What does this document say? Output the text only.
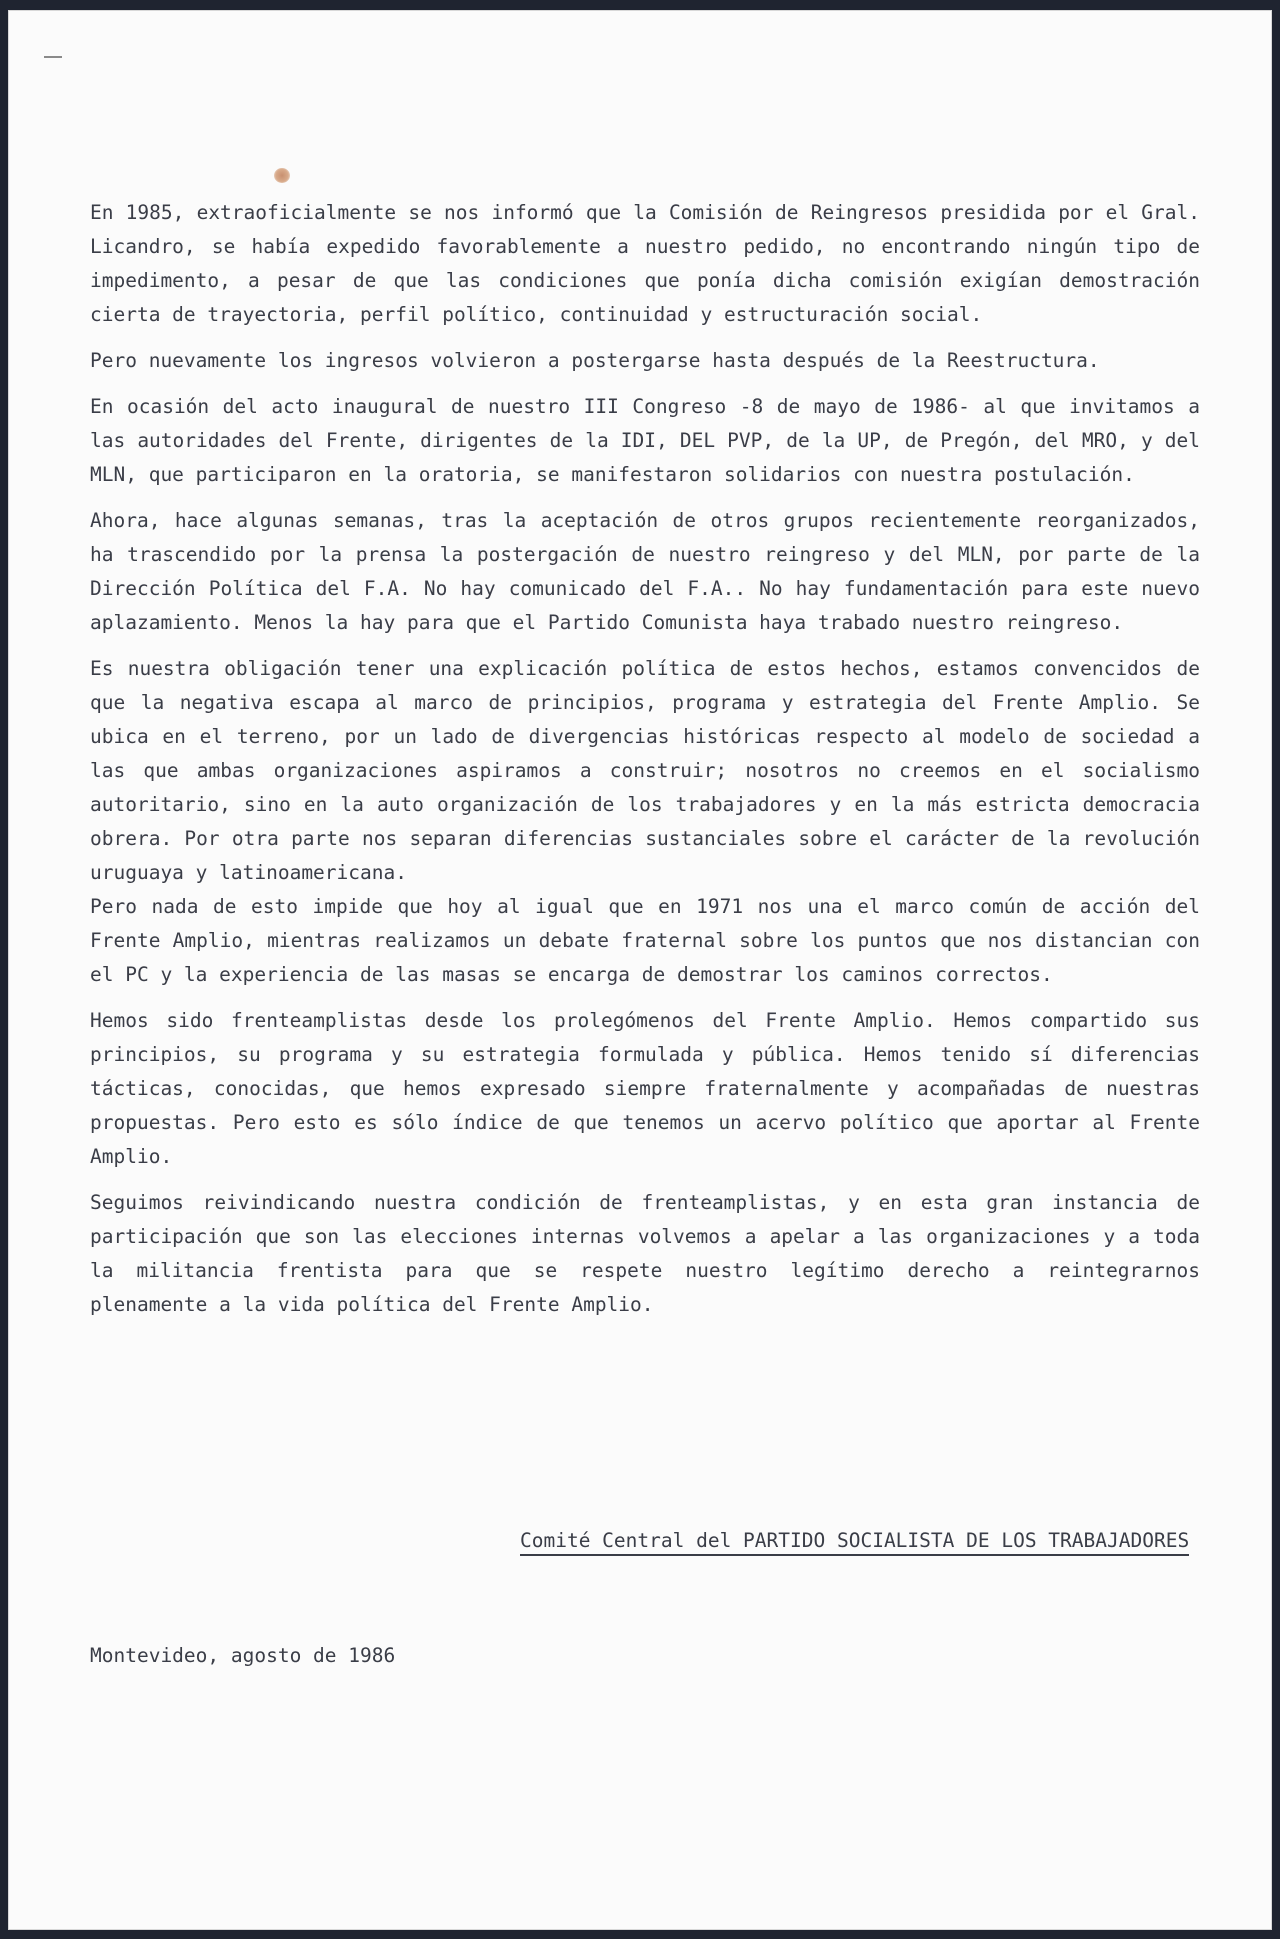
En 1985, extraoficialmente se nos informó que la Comisión de Reingresos presidida por el Gral. Licandro, se había expedido favorablemente a nuestro pedido, no encontrando ningún tipo de impedimento, a pesar de que las condiciones que ponía dicha comisión exigían demostración cierta de trayectoria, perfil político, continuidad y estructuración social.

Pero nuevamente los ingresos volvieron a postergarse hasta después de la Reestructura.

En ocasión del acto inaugural de nuestro III Congreso -8 de mayo de 1986- al que invitamos a las autoridades del Frente, dirigentes de la IDI, DEL PVP, de la UP, de Pregón, del MRO, y del MLN, que participaron en la oratoria, se manifestaron solidarios con nuestra postulación.

Ahora, hace algunas semanas, tras la aceptación de otros grupos recientemente reorganizados, ha trascendido por la prensa la postergación de nuestro reingreso y del MLN, por parte de la Dirección Política del F.A. No hay comunicado del F.A.. No hay fundamentación para este nuevo aplazamiento. Menos la hay para que el Partido Comunista haya trabado nuestro reingreso.

Es nuestra obligación tener una explicación política de estos hechos, estamos convencidos de que la negativa escapa al marco de principios, programa y estrategia del Frente Amplio. Se ubica en el terreno, por un lado de divergencias históricas respecto al modelo de sociedad a las que ambas organizaciones aspiramos a construir; nosotros no creemos en el socialismo autoritario, sino en la auto organización de los trabajadores y en la más estricta democracia obrera. Por otra parte nos separan diferencias sustanciales sobre el carácter de la revolución uruguaya y latinoamericana.

Pero nada de esto impide que hoy al igual que en 1971 nos una el marco común de acción del Frente Amplio, mientras realizamos un debate fraternal sobre los puntos que nos distancian con el PC y la experiencia de las masas se encarga de demostrar los caminos correctos.

Hemos sido frenteamplistas desde los prolegómenos del Frente Amplio. Hemos compartido sus principios, su programa y su estrategia formulada y pública. Hemos tenido sí diferencias tácticas, conocidas, que hemos expresado siempre fraternalmente y acompañadas de nuestras propuestas. Pero esto es sólo índice de que tenemos un acervo político que aportar al Frente Amplio.

Seguimos reivindicando nuestra condición de frenteamplistas, y en esta gran instancia de participación que son las elecciones internas volvemos a apelar a las organizaciones y a toda la militancia frentista para que se respete nuestro legítimo derecho a reintegrarnos plenamente a la vida política del Frente Amplio.

Comité Central del PARTIDO SOCIALISTA DE LOS TRABAJADORES
Montevideo, agosto de 1986
